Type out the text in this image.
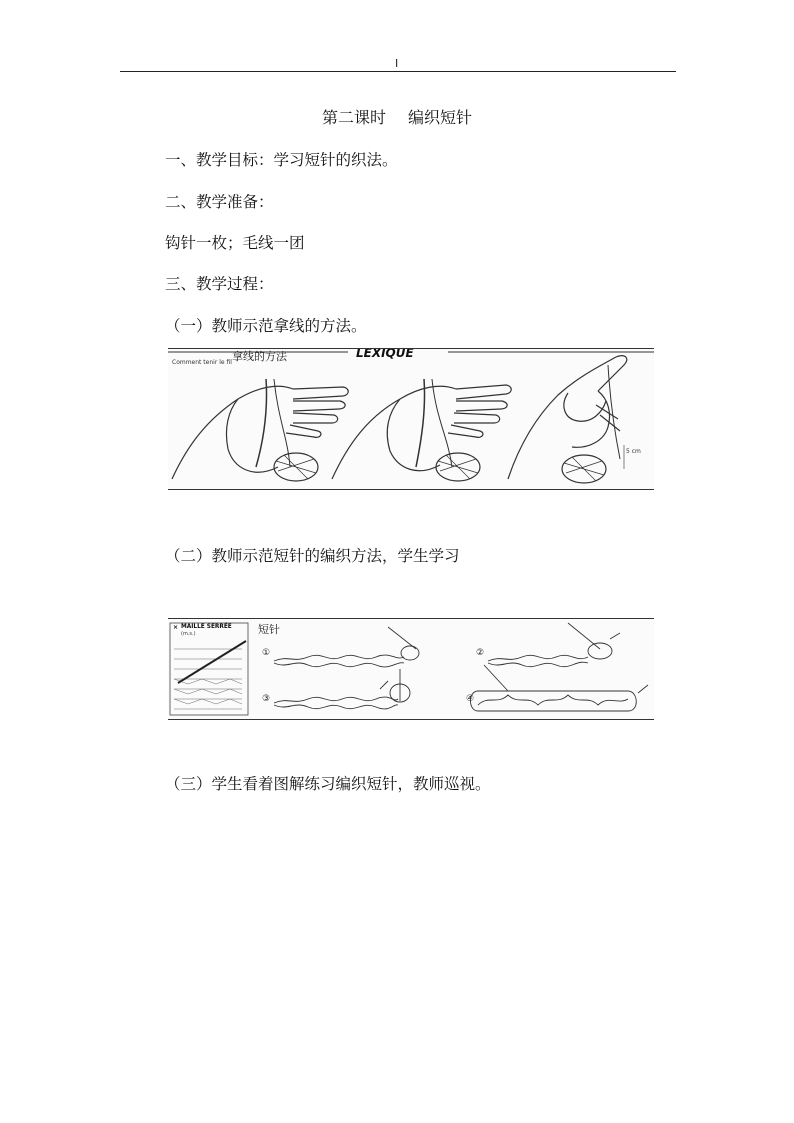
I
第二课时 编织短针
一、教学目标：学习短针的织法。
二、教学准备：
钩针一枚；毛线一团
三、教学过程：
（一）教师示范拿线的方法。
Comment tenir le fil 拿线的方法	LEXIQUE
5 cm
（二）教师示范短针的编织方法，学生学习
× MAILLE SERRÉE
(m.s.)	短针
①	②
③	④
（三）学生看着图解练习编织短针，教师巡视。
